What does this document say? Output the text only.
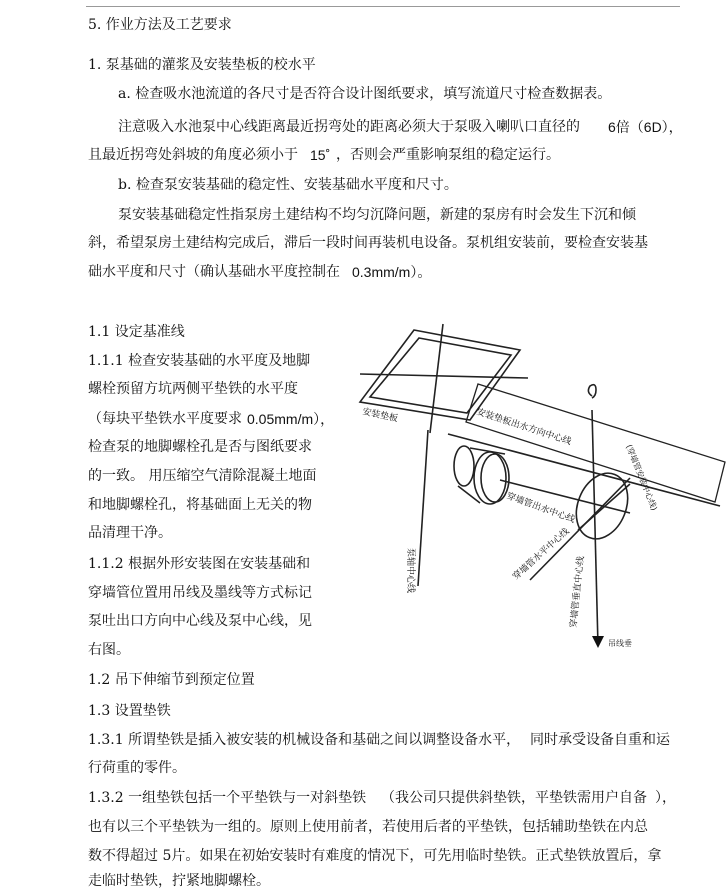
5. 作业方法及工艺要求
1. 泵基础的灌浆及安装垫板的校水平
a. 检查吸水池流道的各尺寸是否符合设计图纸要求，填写流道尺寸检查数据表。
注意吸入水池泵中心线距离最近拐弯处的距离必须大于泵吸入喇叭口直径的 6倍（6D），
且最近拐弯处斜坡的角度必须小于 15˚ ，否则会严重影响泵组的稳定运行。
b. 检查泵安装基础的稳定性、安装基础水平度和尺寸。
泵安装基础稳定性指泵房土建结构不均匀沉降问题，新建的泵房有时会发生下沉和倾
斜，希望泵房土建结构完成后，滞后一段时间再装机电设备。泵机组安装前，要检查安装基
础水平度和尺寸（确认基础水平度控制在 0.3mm/m）。
1.1 设定基准线
1.1.1 检查安装基础的水平度及地脚
螺栓预留方坑两侧平垫铁的水平度
（每块平垫铁水平度要求 0.05mm/m），
检查泵的地脚螺栓孔是否与图纸要求
的一致。 用压缩空气清除混凝土地面
和地脚螺栓孔，将基础面上无关的物
品清理干净。
1.1.2 根据外形安装图在安装基础和
穿墙管位置用吊线及墨线等方式标记
泵吐出口方向中心线及泵中心线，见
右图。
1.2 吊下伸缩节到预定位置
1.3 设置垫铁
1.3.1 所谓垫铁是插入被安装的机械设备和基础之间以调整设备水平， 同时承受设备自重和运
行荷重的零件。
1.3.2 一组垫铁包括一个平垫铁与一对斜垫铁 （我公司只提供斜垫铁，平垫铁需用户自备 ），
也有以三个平垫铁为一组的。原则上使用前者，若使用后者的平垫铁，包括辅助垫铁在内总
数不得超过 5片。如果在初始安装时有难度的情况下，可先用临时垫铁。正式垫铁放置后，拿
走临时垫铁，拧紧地脚螺栓。
安装垫板	安装垫板出水方向中心线
(穿墙管安装中心线)
穿墙管出水中心线
泵轴中心线	穿墙管水平中心线
穿墙管垂直中心线
吊线垂
